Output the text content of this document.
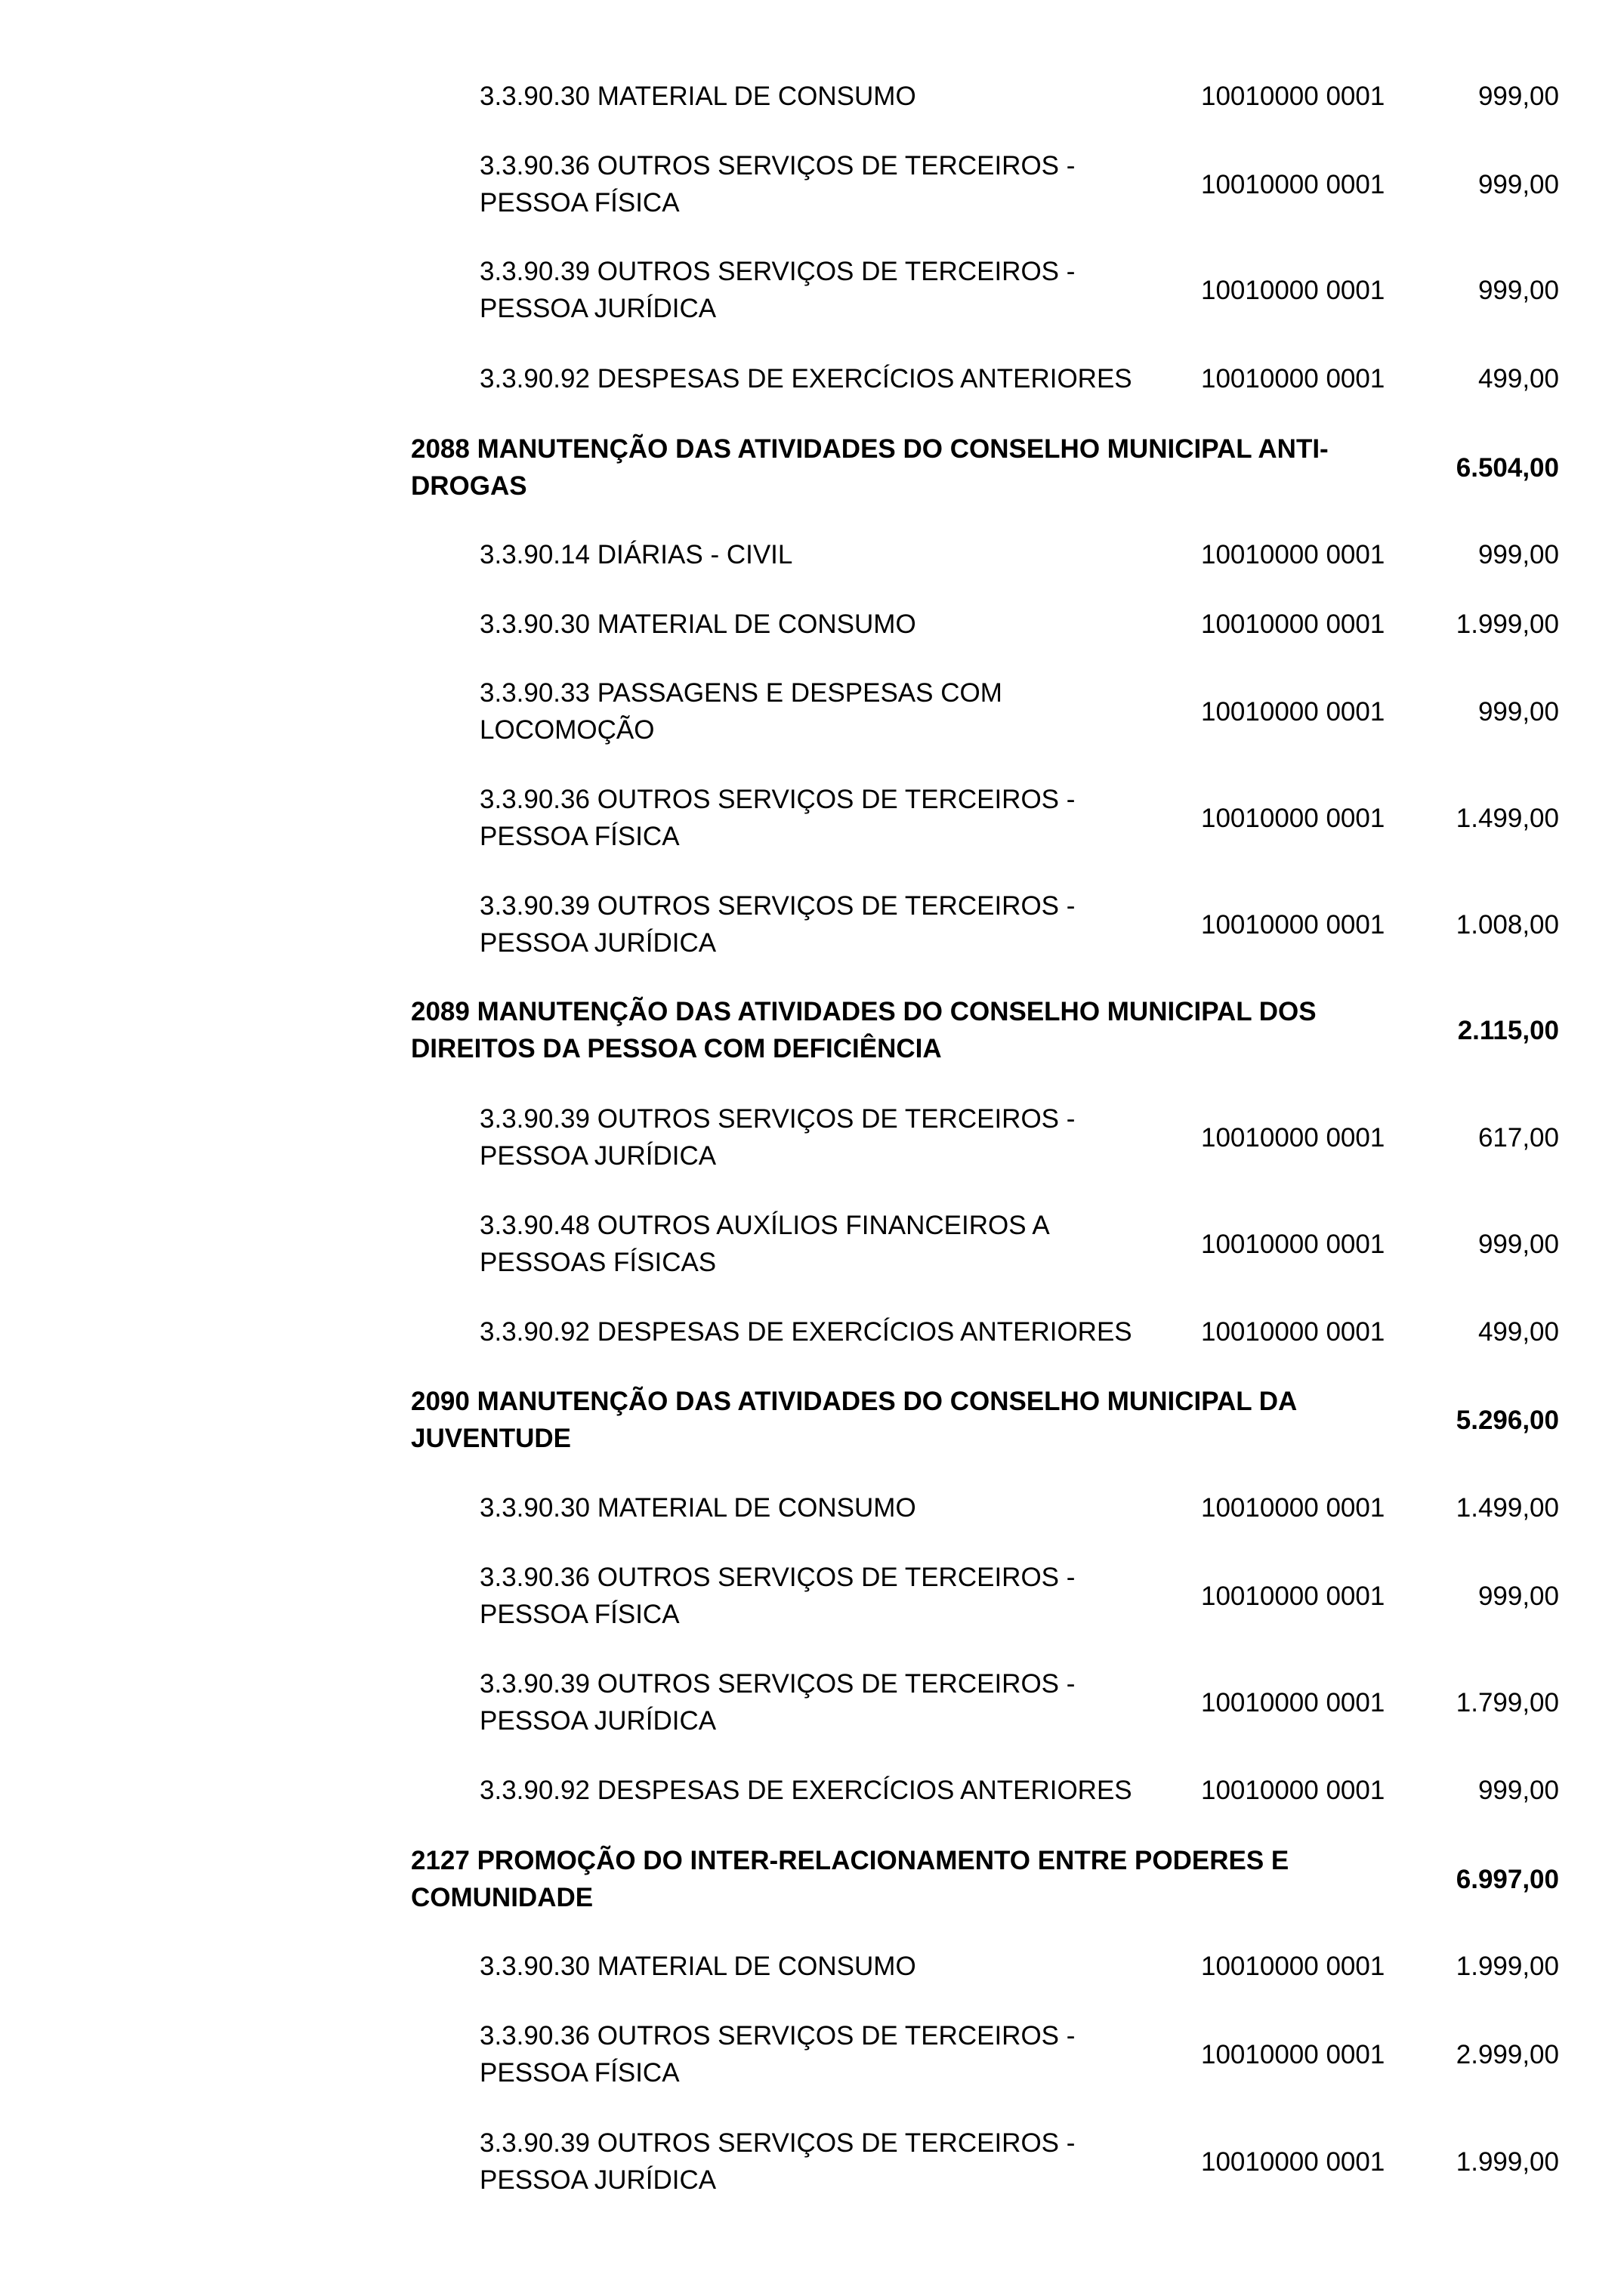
3.3.90.30 MATERIAL DE CONSUMO	10010000 0001	999,00
3.3.90.36 OUTROS SERVIÇOS DE TERCEIROS -
PESSOA FÍSICA
10010000 0001	999,00
3.3.90.39 OUTROS SERVIÇOS DE TERCEIROS -
PESSOA JURÍDICA
10010000 0001	999,00
3.3.90.92 DESPESAS DE EXERCÍCIOS ANTERIORES	10010000 0001	499,00
2088 MANUTENÇÃO DAS ATIVIDADES DO CONSELHO MUNICIPAL ANTI-
DROGAS
6.504,00
3.3.90.14 DIÁRIAS - CIVIL	10010000 0001	999,00
3.3.90.30 MATERIAL DE CONSUMO	10010000 0001	1.999,00
3.3.90.33 PASSAGENS E DESPESAS COM
LOCOMOÇÃO
10010000 0001	999,00
3.3.90.36 OUTROS SERVIÇOS DE TERCEIROS -
PESSOA FÍSICA
10010000 0001	1.499,00
3.3.90.39 OUTROS SERVIÇOS DE TERCEIROS -
PESSOA JURÍDICA
10010000 0001	1.008,00
2089 MANUTENÇÃO DAS ATIVIDADES DO CONSELHO MUNICIPAL DOS
DIREITOS DA PESSOA COM DEFICIÊNCIA
2.115,00
3.3.90.39 OUTROS SERVIÇOS DE TERCEIROS -
PESSOA JURÍDICA
10010000 0001	617,00
3.3.90.48 OUTROS AUXÍLIOS FINANCEIROS A
PESSOAS FÍSICAS
10010000 0001	999,00
3.3.90.92 DESPESAS DE EXERCÍCIOS ANTERIORES	10010000 0001	499,00
2090 MANUTENÇÃO DAS ATIVIDADES DO CONSELHO MUNICIPAL DA
JUVENTUDE
5.296,00
3.3.90.30 MATERIAL DE CONSUMO	10010000 0001	1.499,00
3.3.90.36 OUTROS SERVIÇOS DE TERCEIROS -
PESSOA FÍSICA
10010000 0001	999,00
3.3.90.39 OUTROS SERVIÇOS DE TERCEIROS -
PESSOA JURÍDICA
10010000 0001	1.799,00
3.3.90.92 DESPESAS DE EXERCÍCIOS ANTERIORES	10010000 0001	999,00
2127 PROMOÇÃO DO INTER-RELACIONAMENTO ENTRE PODERES E
COMUNIDADE
6.997,00
3.3.90.30 MATERIAL DE CONSUMO	10010000 0001	1.999,00
3.3.90.36 OUTROS SERVIÇOS DE TERCEIROS -
PESSOA FÍSICA
10010000 0001	2.999,00
3.3.90.39 OUTROS SERVIÇOS DE TERCEIROS -
PESSOA JURÍDICA
10010000 0001	1.999,00
